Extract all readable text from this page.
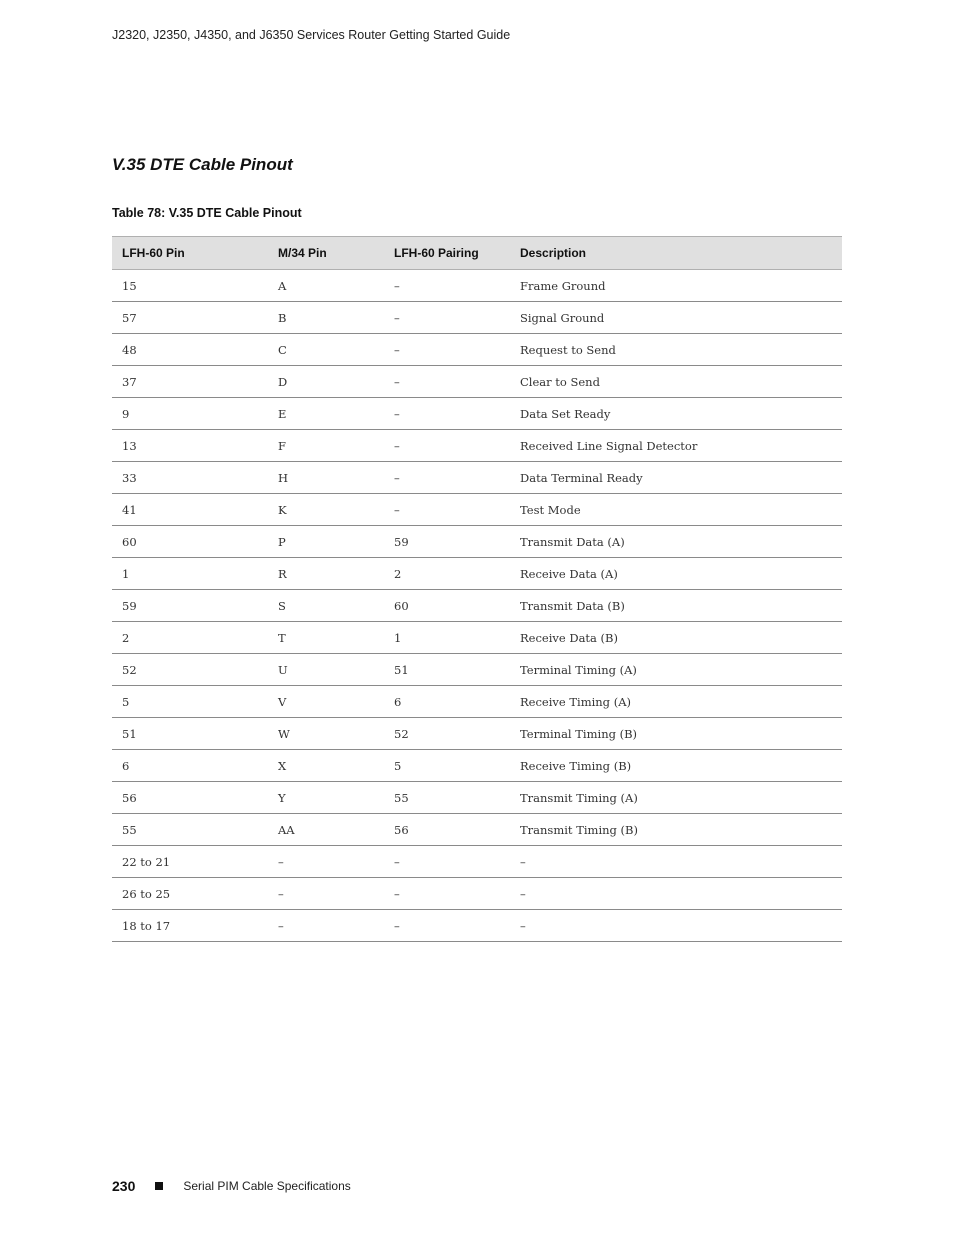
J2320, J2350, J4350, and J6350 Services Router Getting Started Guide

V.35 DTE Cable Pinout

Table 78: V.35 DTE Cable Pinout

LFH-60 Pin	M/34 Pin	LFH-60 Pairing	Description
15	A	–	Frame Ground
57	B	–	Signal Ground
48	C	–	Request to Send
37	D	–	Clear to Send
9	E	–	Data Set Ready
13	F	–	Received Line Signal Detector
33	H	–	Data Terminal Ready
41	K	–	Test Mode
60	P	59	Transmit Data (A)
1	R	2	Receive Data (A)
59	S	60	Transmit Data (B)
2	T	1	Receive Data (B)
52	U	51	Terminal Timing (A)
5	V	6	Receive Timing (A)
51	W	52	Terminal Timing (B)
6	X	5	Receive Timing (B)
56	Y	55	Transmit Timing (A)
55	AA	56	Transmit Timing (B)
22 to 21	–	–	–
26 to 25	–	–	–
18 to 17	–	–	–
230	Serial PIM Cable Specifications
